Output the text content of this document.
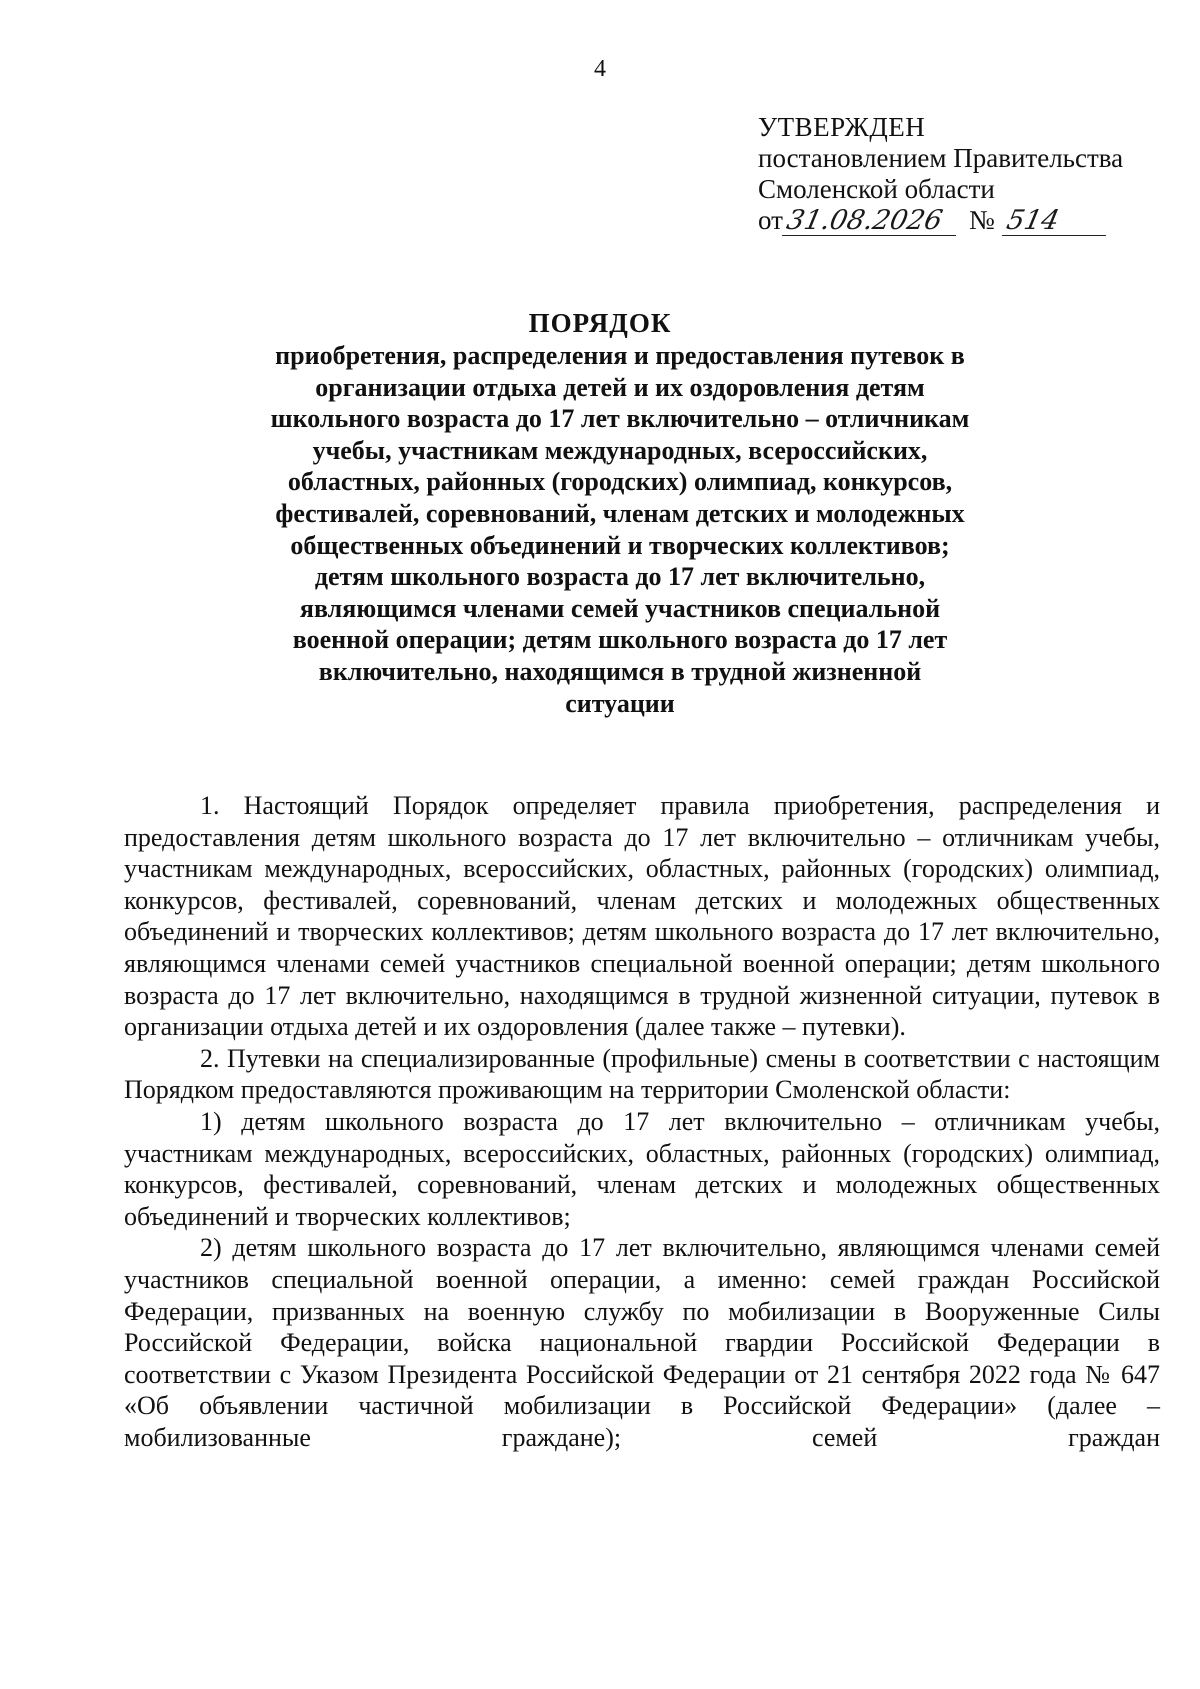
4
УТВЕРЖДЕН
постановлением Правительства
Смоленской области
от 31.08.2026 № 514
ПОРЯДОК
приобретения, распределения и предоставления путевок в организации отдыха детей и их оздоровления детям школьного возраста до 17 лет включительно – отличникам учебы, участникам международных, всероссийских, областных, районных (городских) олимпиад, конкурсов, фестивалей, соревнований, членам детских и молодежных общественных объединений и творческих коллективов; детям школьного возраста до 17 лет включительно, являющимся членами семей участников специальной военной операции; детям школьного возраста до 17 лет включительно, находящимся в трудной жизненной ситуации

1. Настоящий Порядок определяет правила приобретения, распределения и предоставления детям школьного возраста до 17 лет включительно – отличникам учебы, участникам международных, всероссийских, областных, районных (городских) олимпиад, конкурсов, фестивалей, соревнований, членам детских и молодежных общественных объединений и творческих коллективов; детям школьного возраста до 17 лет включительно, являющимся членами семей участников специальной военной операции; детям школьного возраста до 17 лет включительно, находящимся в трудной жизненной ситуации, путевок в организации отдыха детей и их оздоровления (далее также – путевки).

2. Путевки на специализированные (профильные) смены в соответствии с настоящим Порядком предоставляются проживающим на территории Смоленской области:

1) детям школьного возраста до 17 лет включительно – отличникам учебы, участникам международных, всероссийских, областных, районных (городских) олимпиад, конкурсов, фестивалей, соревнований, членам детских и молодежных общественных объединений и творческих коллективов;

2) детям школьного возраста до 17 лет включительно, являющимся членами семей участников специальной военной операции, а именно: семей граждан Российской Федерации, призванных на военную службу по мобилизации в Вооруженные Силы Российской Федерации, войска национальной гвардии Российской Федерации в соответствии с Указом Президента Российской Федерации от 21 сентября 2022 года № 647 «Об объявлении частичной мобилизации в Российской Федерации» (далее – мобилизованные граждане); семей граждан
